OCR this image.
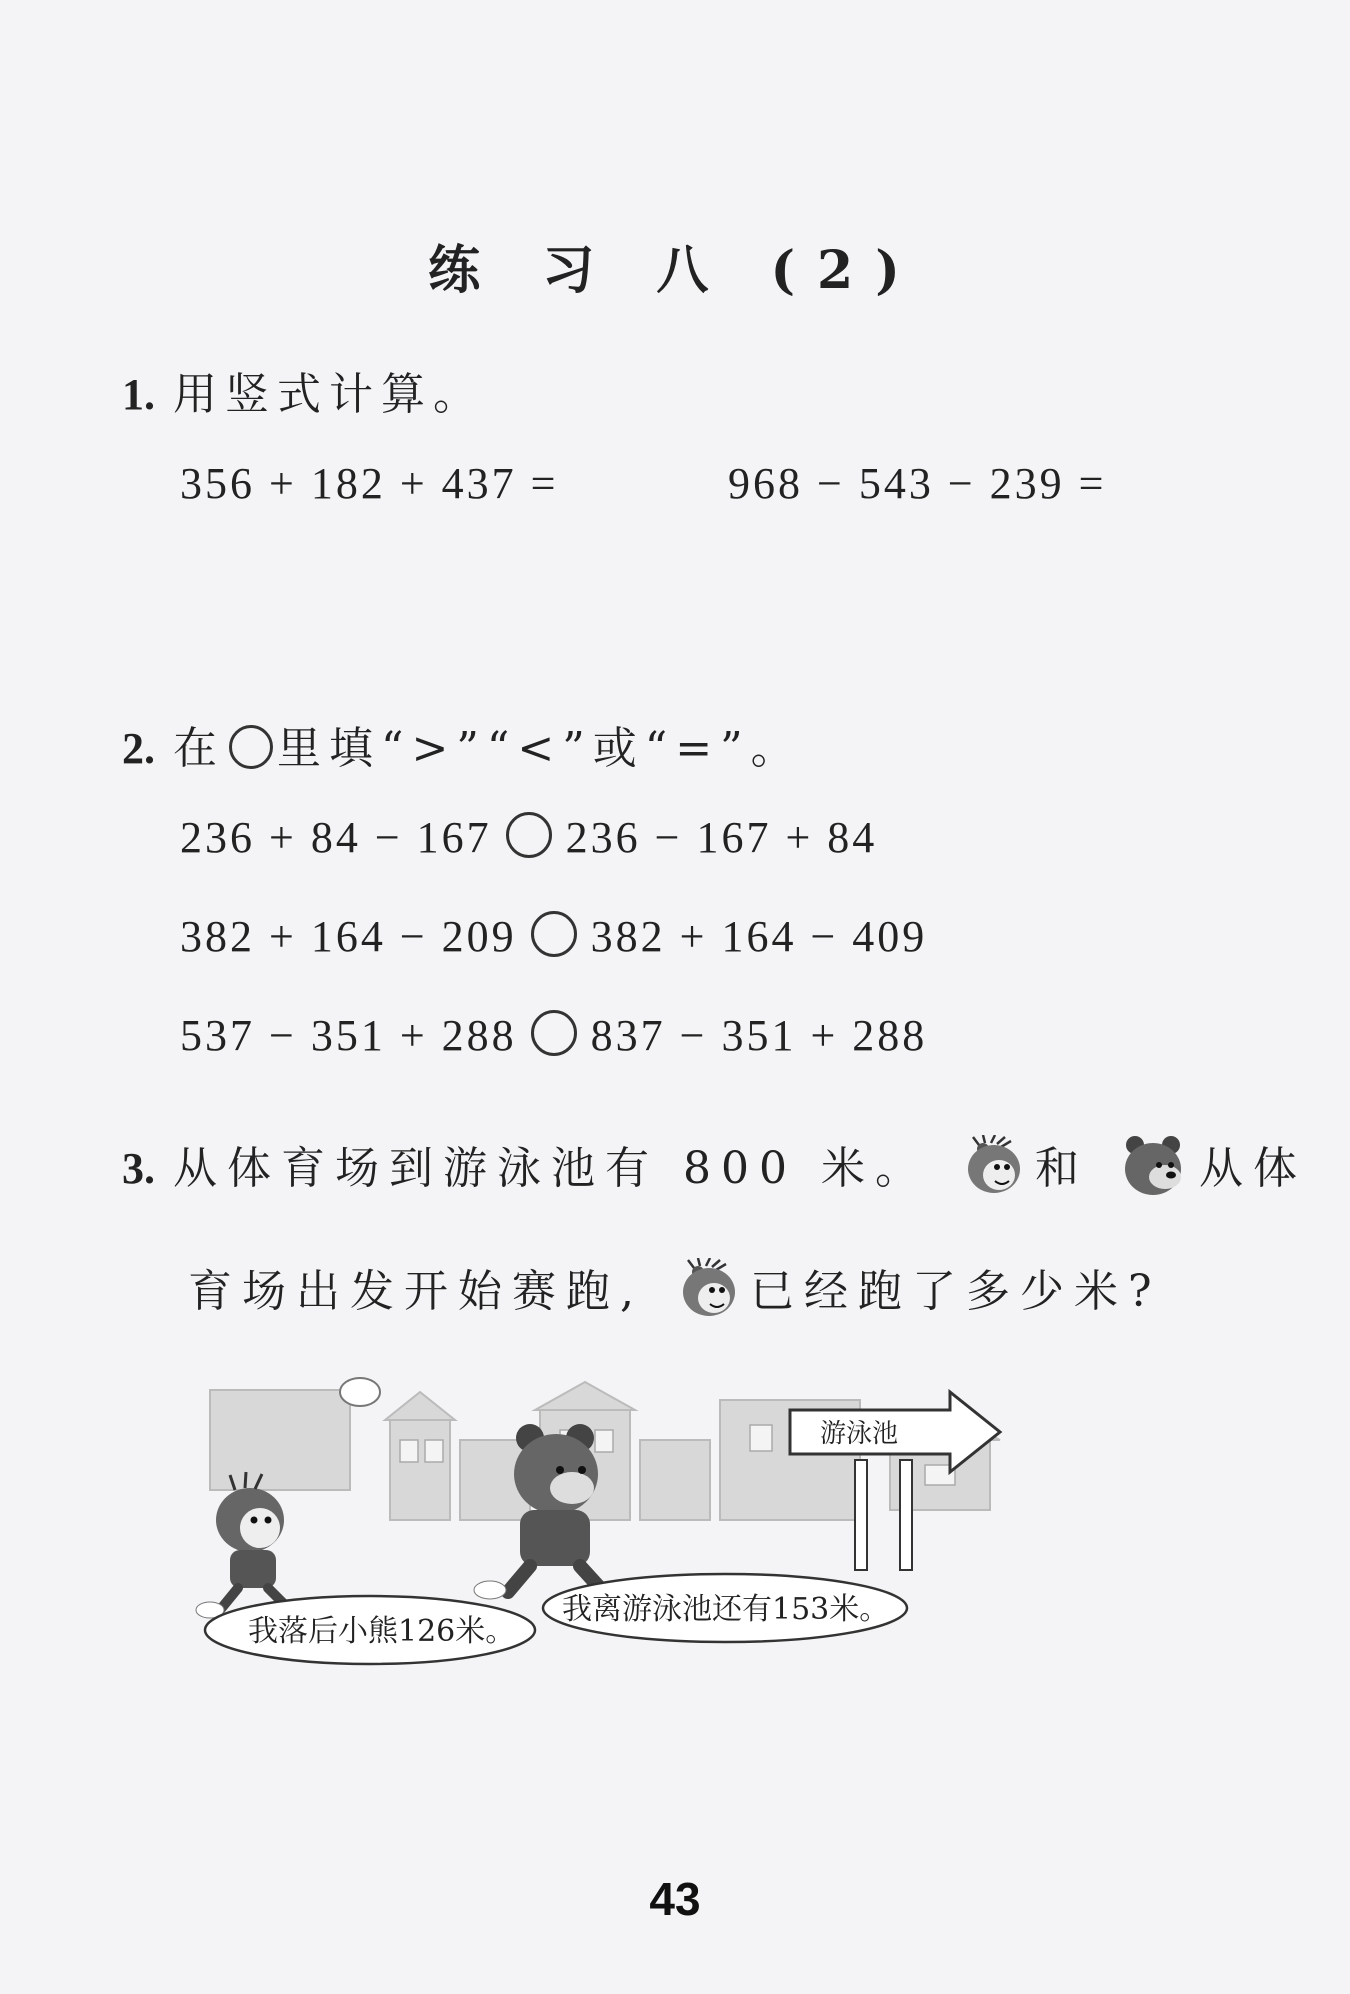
练 习 八 (2)
1. 用竖式计算。
356 + 182 + 437 =	968 − 543 − 239 =
2. 在 里填“>”“<”或“=”。
236 + 84 − 167 236 − 167 + 84
382 + 164 − 209 382 + 164 − 409
537 − 351 + 288 837 − 351 + 288
3. 从体育场到游泳池有 800 米。 和	从体
育场出发开始赛跑, 已经跑了多少米?
游泳池
我落后小熊126米。
我离游泳池还有153米。
43
